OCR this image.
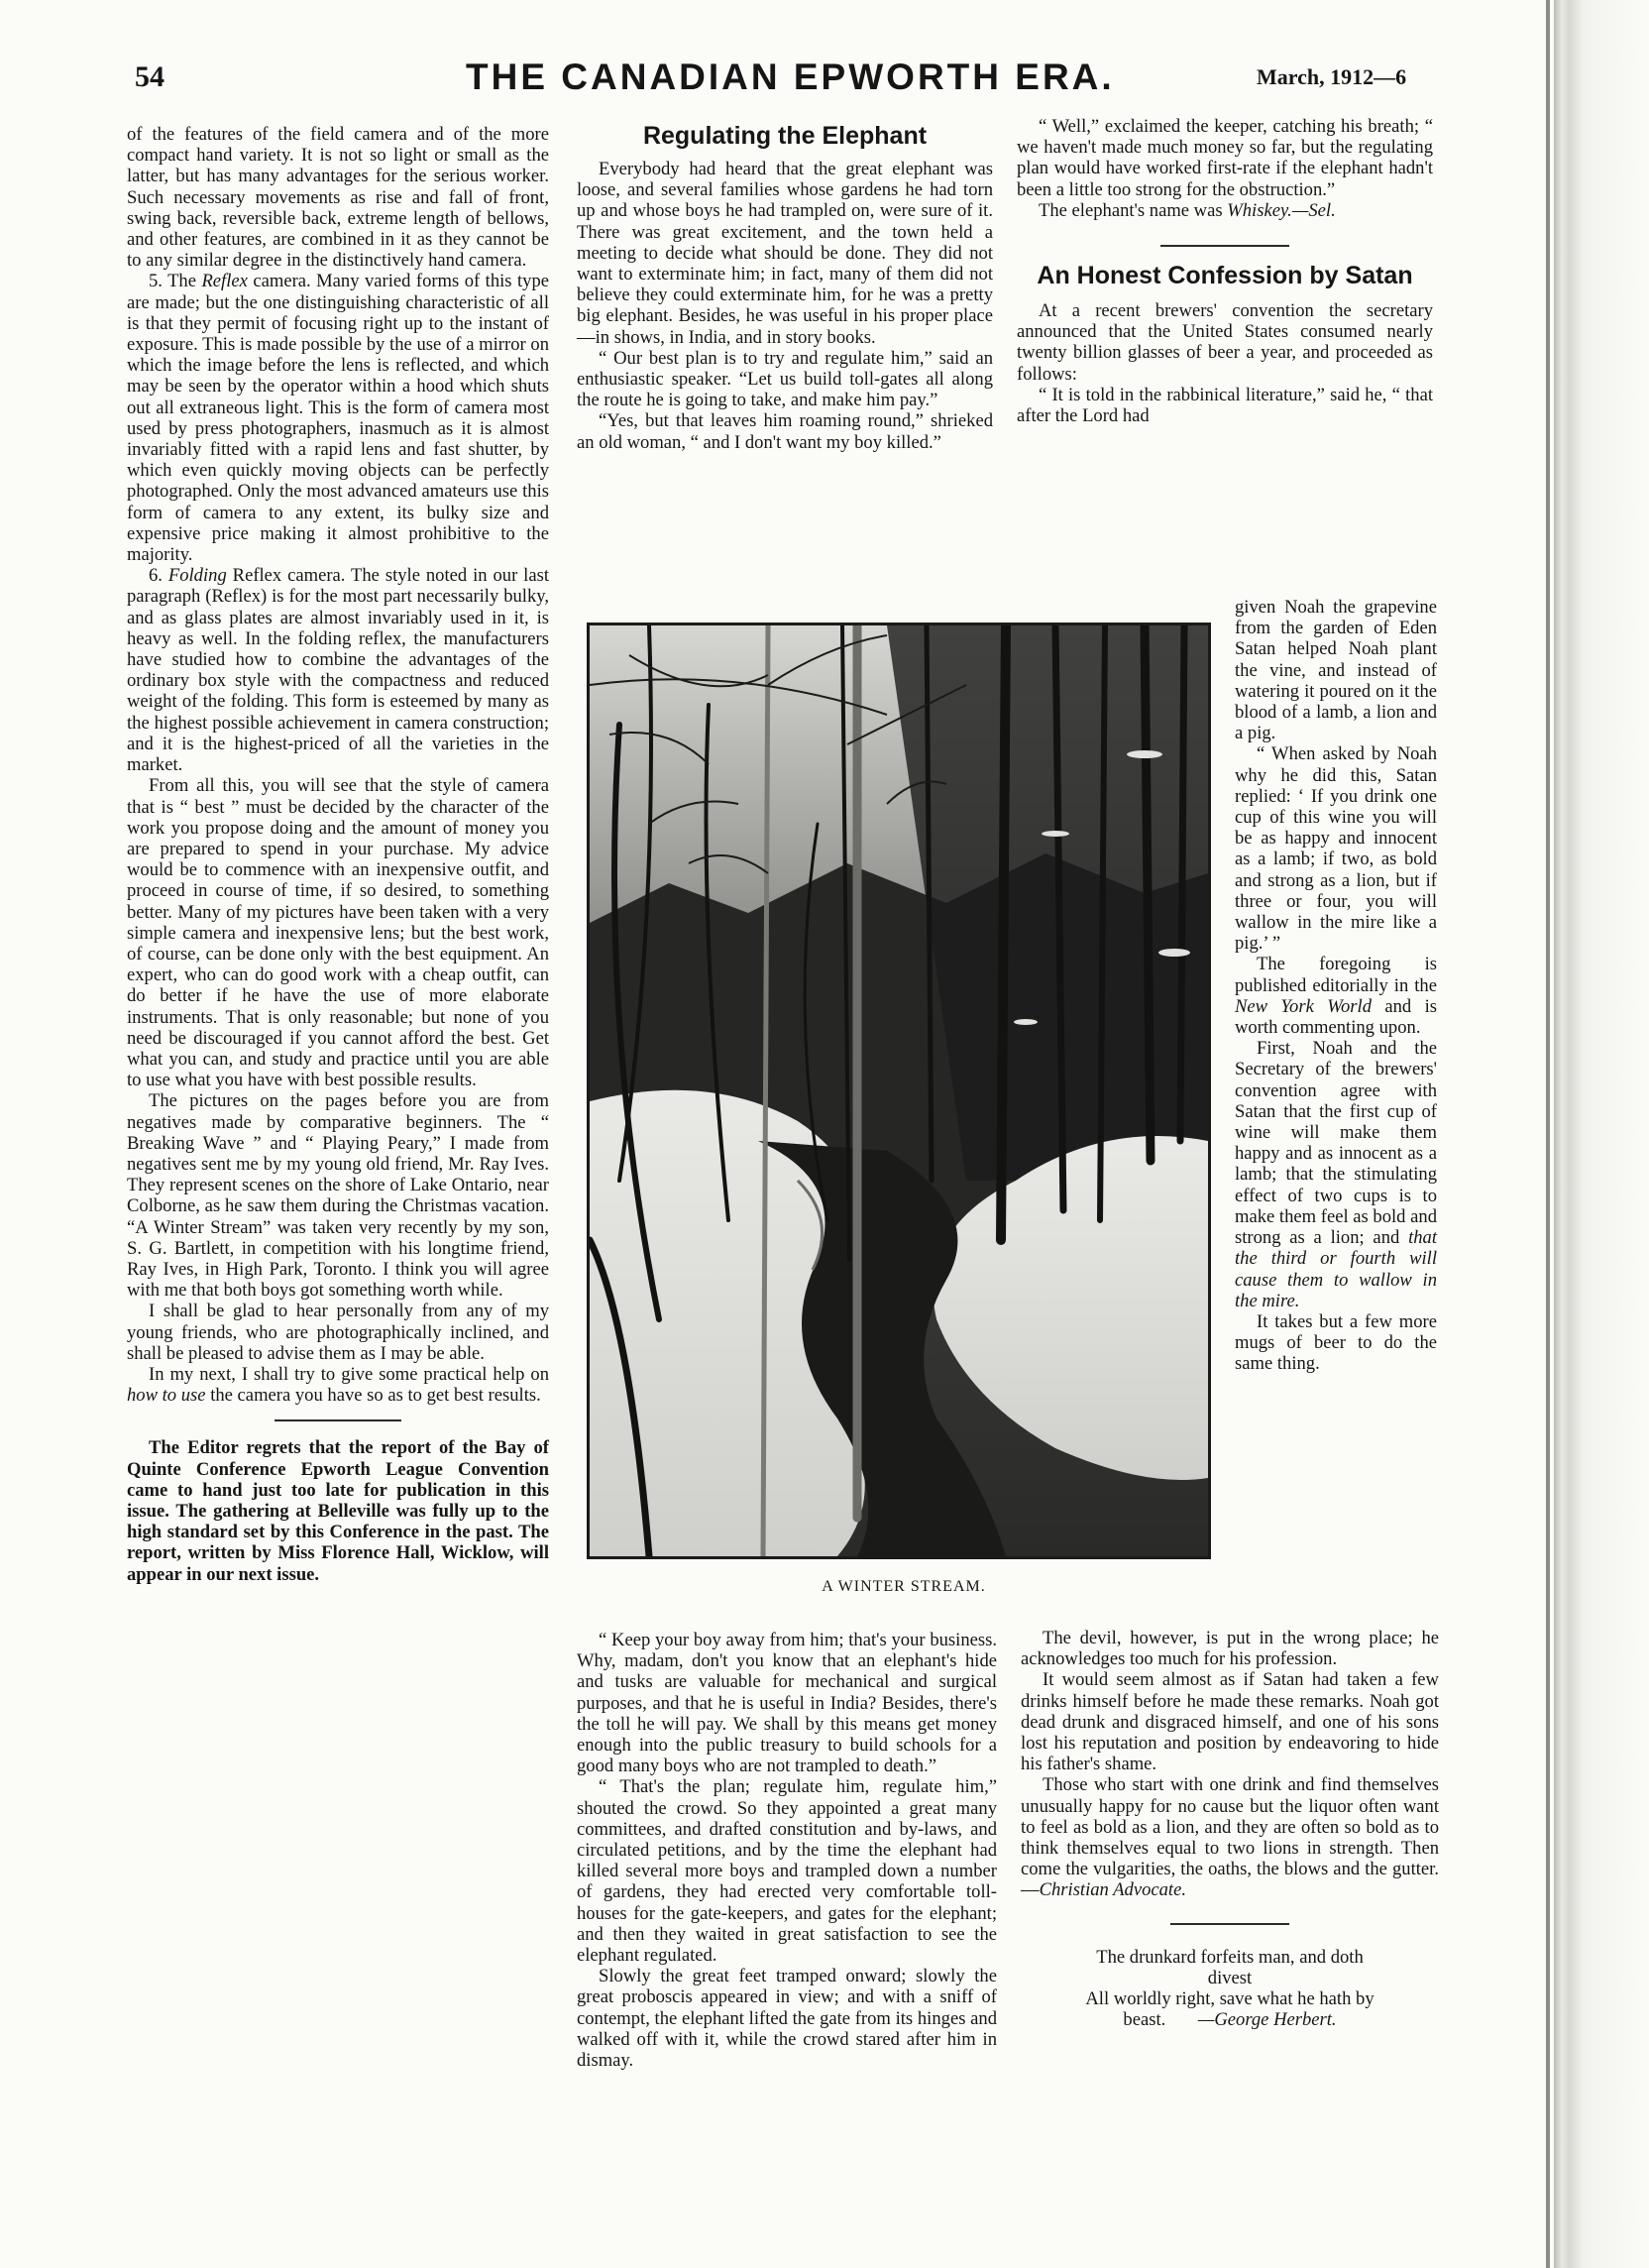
54	THE CANADIAN EPWORTH ERA.	March, 1912—6

of the features of the field camera and of the more compact hand variety. It is not so light or small as the latter, but has many advantages for the serious worker. Such necessary movements as rise and fall of front, swing back, reversible back, extreme length of bellows, and other features, are combined in it as they cannot be to any similar degree in the distinctively hand camera.

5. The Reflex camera. Many varied forms of this type are made; but the one distinguishing characteristic of all is that they permit of focusing right up to the instant of exposure. This is made possible by the use of a mirror on which the image before the lens is reflected, and which may be seen by the operator within a hood which shuts out all extraneous light. This is the form of camera most used by press photographers, inasmuch as it is almost invariably fitted with a rapid lens and fast shutter, by which even quickly moving objects can be perfectly photographed. Only the most advanced amateurs use this form of camera to any extent, its bulky size and expensive price making it almost prohibitive to the majority.

6. Folding Reflex camera. The style noted in our last paragraph (Reflex) is for the most part necessarily bulky, and as glass plates are almost invariably used in it, is heavy as well. In the folding reflex, the manufacturers have studied how to combine the advantages of the ordinary box style with the compactness and reduced weight of the folding. This form is esteemed by many as the highest possible achievement in camera construction; and it is the highest-priced of all the varieties in the market.

From all this, you will see that the style of camera that is “ best ” must be decided by the character of the work you propose doing and the amount of money you are prepared to spend in your purchase. My advice would be to commence with an inexpensive outfit, and proceed in course of time, if so desired, to something better. Many of my pictures have been taken with a very simple camera and inexpensive lens; but the best work, of course, can be done only with the best equipment. An expert, who can do good work with a cheap outfit, can do better if he have the use of more elaborate instruments. That is only reasonable; but none of you need be discouraged if you cannot afford the best. Get what you can, and study and practice until you are able to use what you have with best possible results.

The pictures on the pages before you are from negatives made by comparative beginners. The “ Breaking Wave ” and “ Playing Peary,” I made from negatives sent me by my young old friend, Mr. Ray Ives. They represent scenes on the shore of Lake Ontario, near Colborne, as he saw them during the Christmas vacation. “A Winter Stream” was taken very recently by my son, S. G. Bartlett, in competition with his longtime friend, Ray Ives, in High Park, Toronto. I think you will agree with me that both boys got something worth while.

I shall be glad to hear personally from any of my young friends, who are photographically inclined, and shall be pleased to advise them as I may be able.

In my next, I shall try to give some practical help on how to use the camera you have so as to get best results.

The Editor regrets that the report of the Bay of Quinte Conference Epworth League Convention came to hand just too late for publication in this issue. The gathering at Belleville was fully up to the high standard set by this Conference in the past. The report, written by Miss Florence Hall, Wicklow, will appear in our next issue.

Regulating the Elephant

Everybody had heard that the great elephant was loose, and several families whose gardens he had torn up and whose boys he had trampled on, were sure of it. There was great excitement, and the town held a meeting to decide what should be done. They did not want to exterminate him; in fact, many of them did not believe they could exterminate him, for he was a pretty big elephant. Besides, he was useful in his proper place—in shows, in India, and in story books.

“ Our best plan is to try and regulate him,” said an enthusiastic speaker. “Let us build toll-gates all along the route he is going to take, and make him pay.”

“Yes, but that leaves him roaming round,” shrieked an old woman, “ and I don't want my boy killed.”

A WINTER STREAM.

“ Keep your boy away from him; that's your business. Why, madam, don't you know that an elephant's hide and tusks are valuable for mechanical and surgical purposes, and that he is useful in India? Besides, there's the toll he will pay. We shall by this means get money enough into the public treasury to build schools for a good many boys who are not trampled to death.”

“ That's the plan; regulate him, regulate him,” shouted the crowd. So they appointed a great many committees, and drafted constitution and by-laws, and circulated petitions, and by the time the elephant had killed several more boys and trampled down a number of gardens, they had erected very comfortable toll-houses for the gate-keepers, and gates for the elephant; and then they waited in great satisfaction to see the elephant regulated.

Slowly the great feet tramped onward; slowly the great proboscis appeared in view; and with a sniff of contempt, the elephant lifted the gate from its hinges and walked off with it, while the crowd stared after him in dismay.

“ Well,” exclaimed the keeper, catching his breath; “ we haven't made much money so far, but the regulating plan would have worked first-rate if the elephant hadn't been a little too strong for the obstruction.”

The elephant's name was Whiskey.—Sel.

An Honest Confession by Satan

At a recent brewers' convention the secretary announced that the United States consumed nearly twenty billion glasses of beer a year, and proceeded as follows:

“ It is told in the rabbinical literature,” said he, “ that after the Lord had

given Noah the grapevine from the garden of Eden Satan helped Noah plant the vine, and instead of watering it poured on it the blood of a lamb, a lion and a pig.

“ When asked by Noah why he did this, Satan replied: ‘ If you drink one cup of this wine you will be as happy and innocent as a lamb; if two, as bold and strong as a lion, but if three or four, you will wallow in the mire like a pig.’ ”

The foregoing is published editorially in the New York World and is worth commenting upon.

First, Noah and the Secretary of the brewers' convention agree with Satan that the first cup of wine will make them happy and as innocent as a lamb; that the stimulating effect of two cups is to make them feel as bold and strong as a lion; and that the third or fourth will cause them to wallow in the mire.

It takes but a few more mugs of beer to do the same thing.

The devil, however, is put in the wrong place; he acknowledges too much for his profession.

It would seem almost as if Satan had taken a few drinks himself before he made these remarks. Noah got dead drunk and disgraced himself, and one of his sons lost his reputation and position by endeavoring to hide his father's shame.

Those who start with one drink and find themselves unusually happy for no cause but the liquor often want to feel as bold as a lion, and they are often so bold as to think themselves equal to two lions in strength. Then come the vulgarities, the oaths, the blows and the gutter.—Christian Advocate.

The drunkard forfeits man, and doth

divest

All worldly right, save what he hath by

beast. —George Herbert.
